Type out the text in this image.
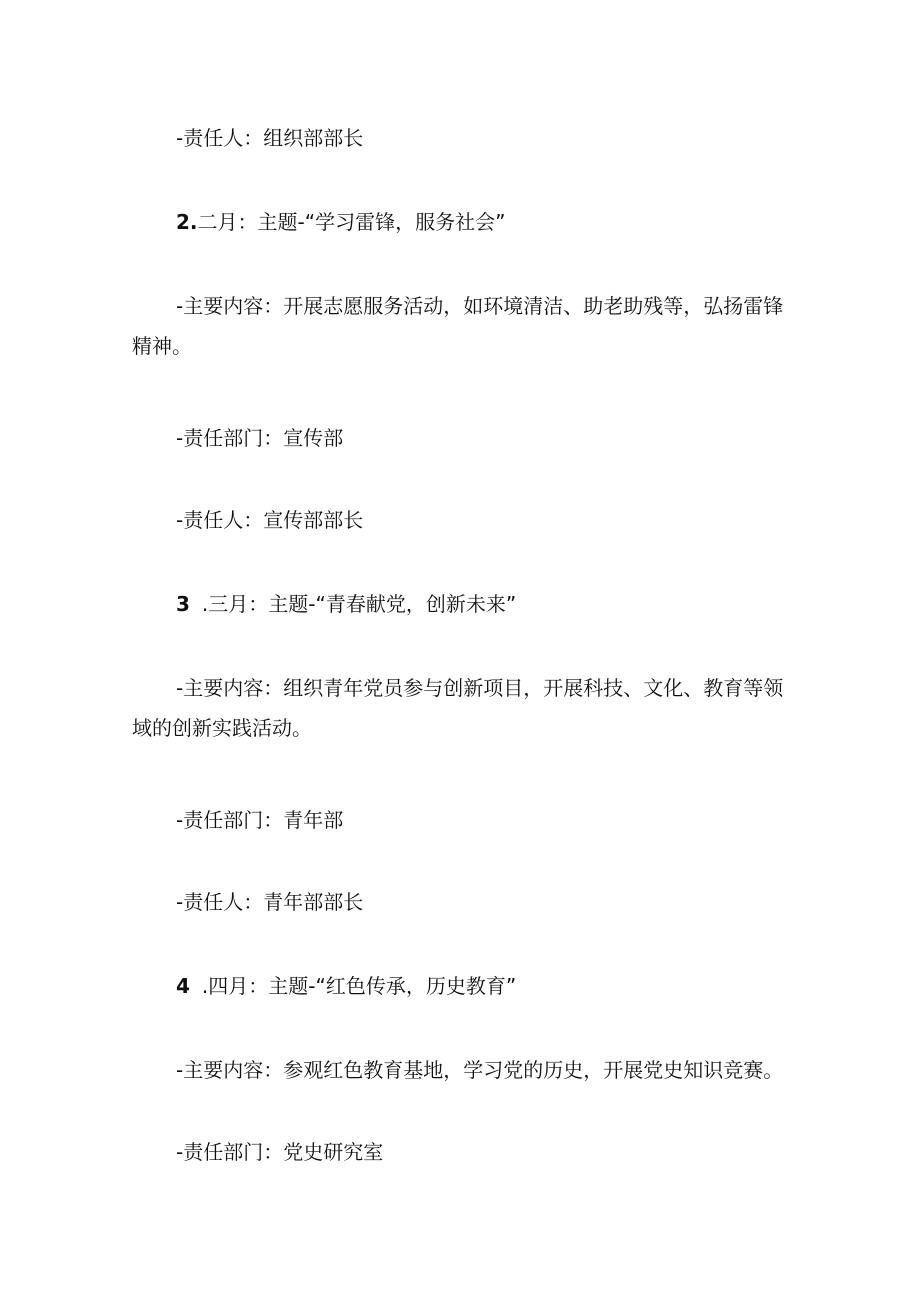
-责任人：组织部部长
2.二月：主题-“学习雷锋，服务社会”
-主要内容：开展志愿服务活动，如环境清洁、助老助残等，弘扬雷锋
精神。
-责任部门：宣传部
-责任人：宣传部部长
3 .三月：主题-“青春献党，创新未来”
-主要内容：组织青年党员参与创新项目，开展科技、文化、教育等领
域的创新实践活动。
-责任部门：青年部
-责任人：青年部部长
4 .四月：主题-“红色传承，历史教育”
-主要内容：参观红色教育基地，学习党的历史，开展党史知识竞赛。
-责任部门：党史研究室
